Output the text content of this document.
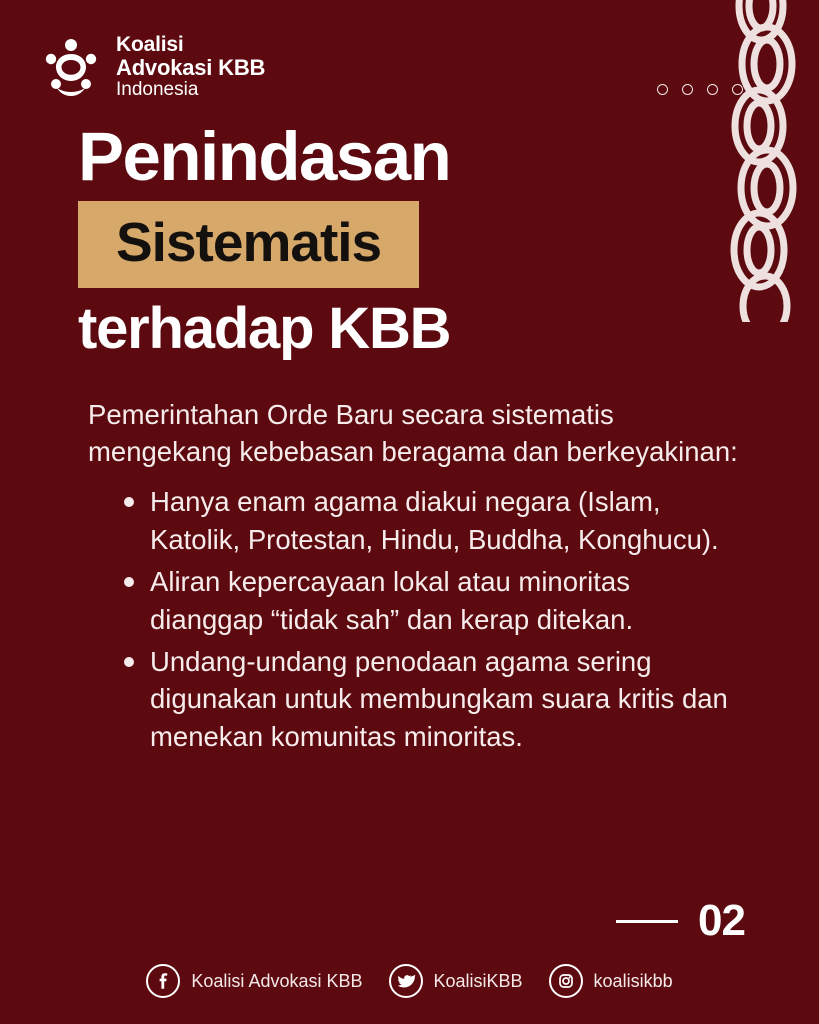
Koalisi
Advokasi KBB
Indonesia
Penindasan
Sistematis
terhadap KBB

Pemerintahan Orde Baru secara sistematis mengekang kebebasan beragama dan berkeyakinan:

Hanya enam agama diakui negara (Islam, Katolik, Protestan, Hindu, Buddha, Konghucu).
Aliran kepercayaan lokal atau minoritas dianggap “tidak sah” dan kerap ditekan.
Undang-undang penodaan agama sering digunakan untuk membungkam suara kritis dan menekan komunitas minoritas.
02
Koalisi Advokasi KBB	KoalisiKBB	koalisikbb
